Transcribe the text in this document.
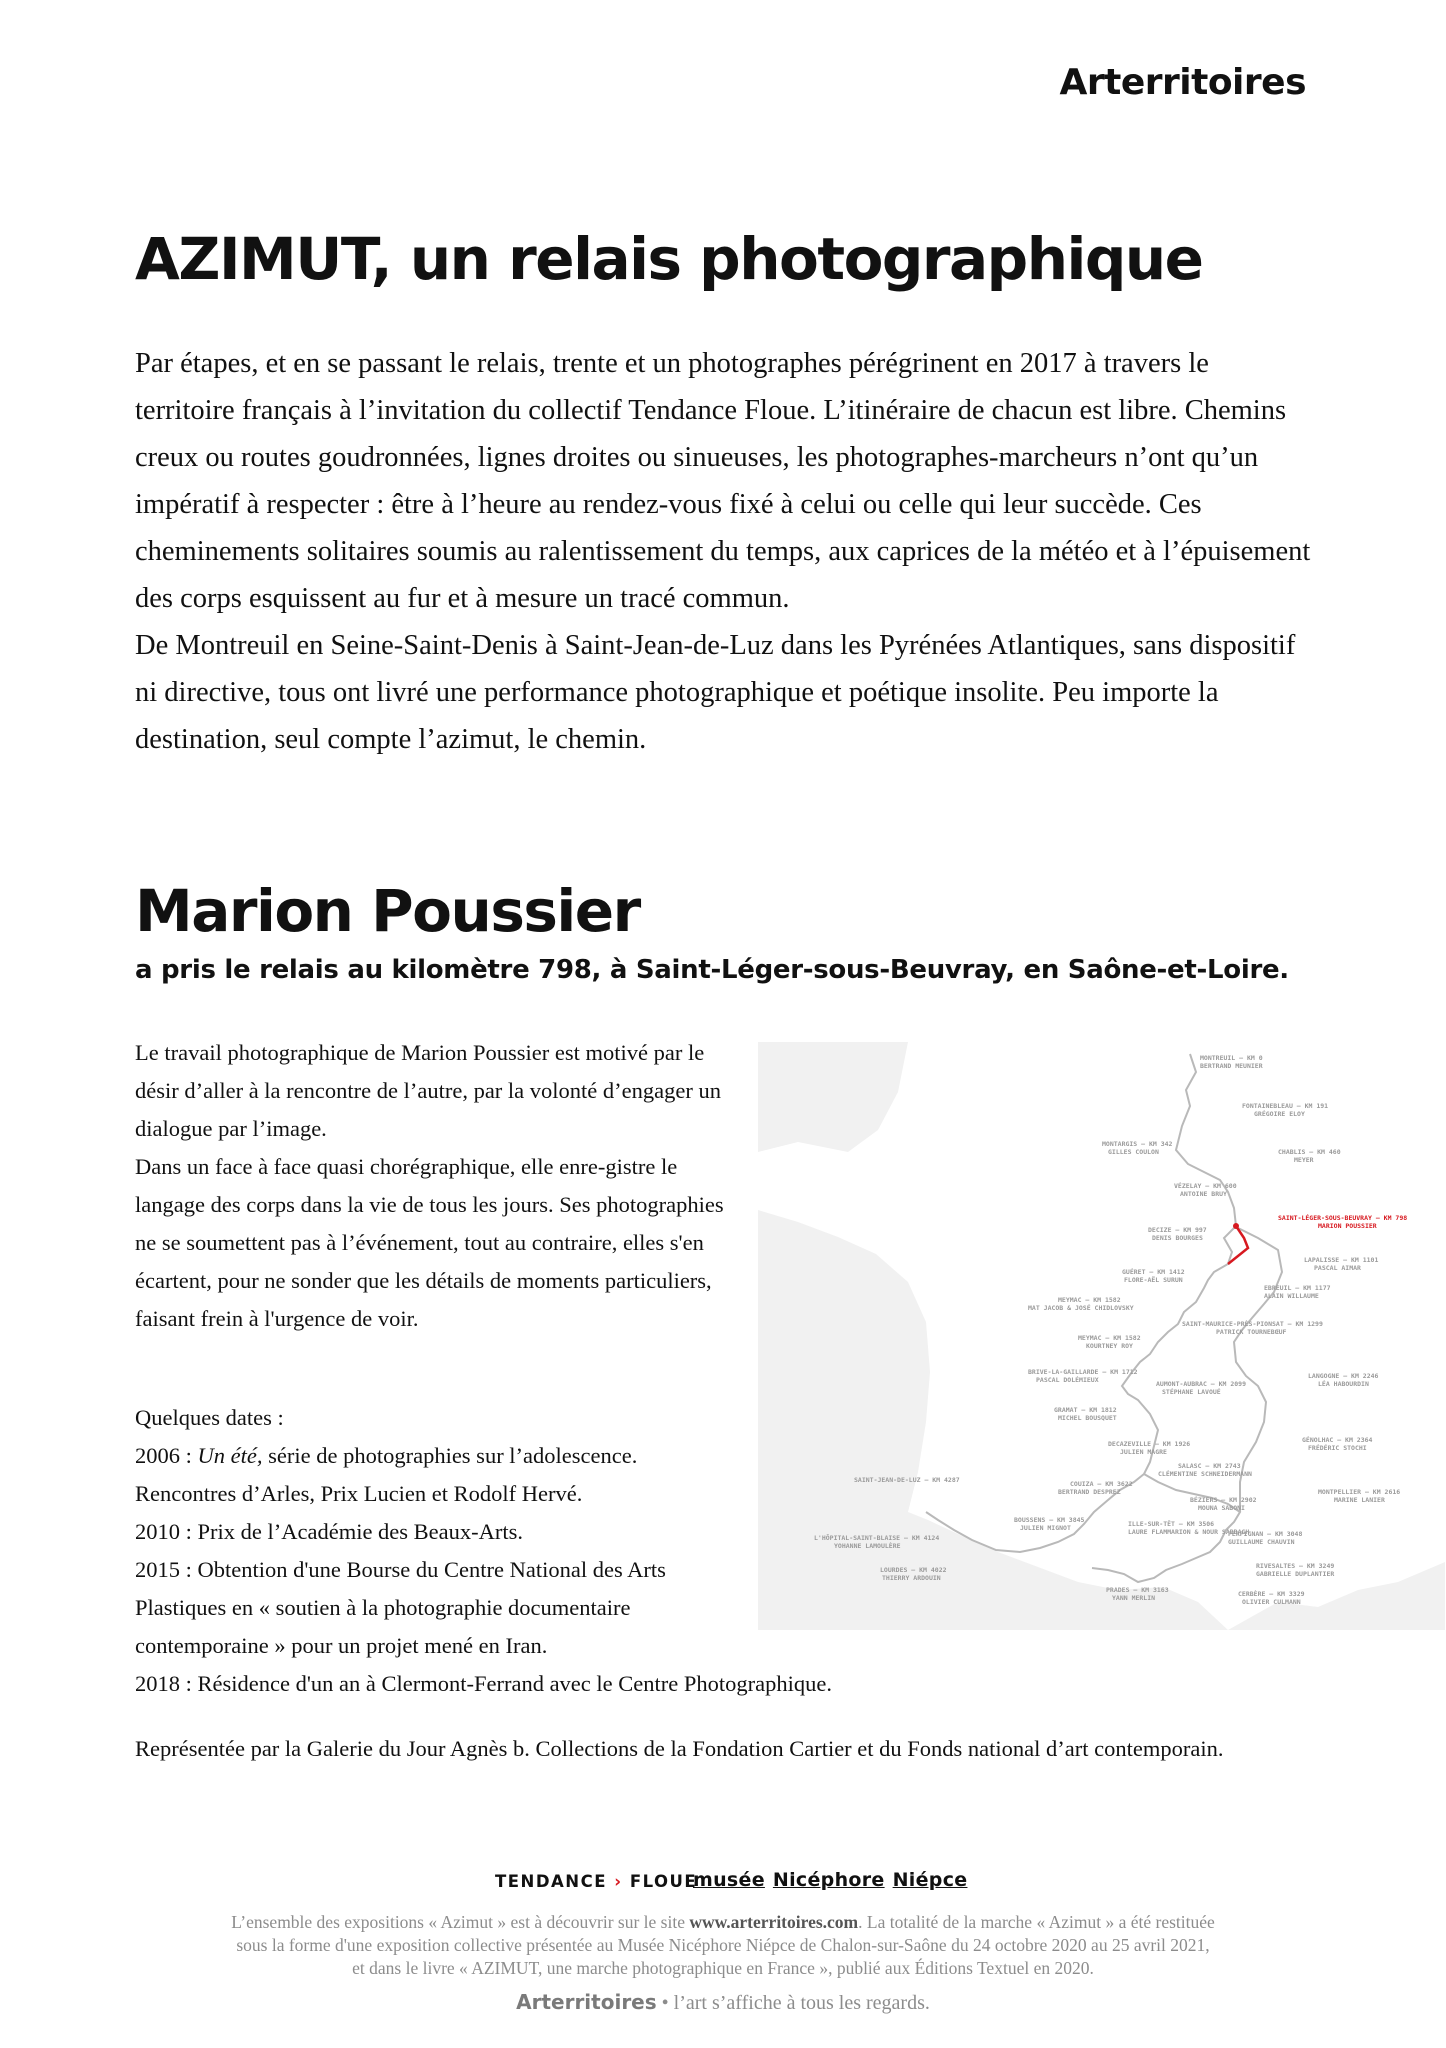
Arterritoires
AZIMUT, un relais photographique

Par étapes, et en se passant le relais, trente et un photographes pérégrinent en 2017 à travers le territoire français à l’invitation du collectif Tendance Floue. L’itinéraire de chacun est libre. Chemins creux ou routes goudronnées, lignes droites ou sinueuses, les photographes-marcheurs n’ont qu’un impératif à respecter : être à l’heure au rendez-vous fixé à celui ou celle qui leur succède. Ces cheminements solitaires soumis au ralentissement du temps, aux caprices de la météo et à l’épuisement des corps esquissent au fur et à mesure un tracé commun.

De Montreuil en Seine-Saint-Denis à Saint-Jean-de-Luz dans les Pyrénées Atlantiques, sans dispositif ni directive, tous ont livré une performance photographique et poétique insolite. Peu importe la destination, seul compte l’azimut, le chemin.

Marion Poussier
a pris le relais au kilomètre 798, à Saint-Léger-sous-Beuvray, en Saône-et-Loire.

Le travail photographique de Marion Poussier est motivé par le désir d’aller à la rencontre de l’autre, par la volonté d’engager un dialogue par l’image.

Dans un face à face quasi chorégraphique, elle enre-gistre le langage des corps dans la vie de tous les jours. Ses photographies ne se soumettent pas à l’événement, tout au contraire, elles s'en écartent, pour ne sonder que les détails de moments particuliers, faisant frein à l'urgence de voir.

Quelques dates :
2006 : Un été, série de photographies sur l’adolescence.
Rencontres d’Arles, Prix Lucien et Rodolf Hervé.
2010 : Prix de l’Académie des Beaux-Arts.
2015 : Obtention d'une Bourse du Centre National des Arts
Plastiques en « soutien à la photographie documentaire
contemporaine » pour un projet mené en Iran.
2018 : Résidence d'un an à Clermont-Ferrand avec le Centre Photographique.
Représentée par la Galerie du Jour Agnès b. Collections de la Fondation Cartier et du Fonds national d’art contemporain.
MONTREUIL — KM 0
BERTRAND MEUNIER
FONTAINEBLEAU — KM 191
GRÉGOIRE ELOY
MONTARGIS — KM 342
GILLES COULON	CHABLIS — KM 460
MEYER
VÉZELAY — KM 600
ANTOINE BRUY
SAINT-LÉGER-SOUS-BEUVRAY — KM 798
MARION POUSSIER
DECIZE — KM 997
DENIS BOURGES
LAPALISSE — KM 1101
PASCAL AIMAR
GUÉRET — KM 1412
FLORE-AËL SURUN
EBREUIL — KM 1177
ALAIN WILLAUME
MEYMAC — KM 1582
MAT JACOB & JOSÉ CHIDLOVSKY
SAINT-MAURICE-PRÈS-PIONSAT — KM 1299
PATRICK TOURNEBŒUF
MEYMAC — KM 1582
KOURTNEY ROY
BRIVE-LA-GAILLARDE — KM 1712
PASCAL DOLÉMIEUX	AUMONT-AUBRAC — KM 2099
STÉPHANE LAVOUÉ
LANGOGNE — KM 2246
LÉA HABOURDIN
GRAMAT — KM 1812
MICHEL BOUSQUET
DECAZEVILLE — KM 1926
JULIEN MAGRE
GÉNOLHAC — KM 2364
FRÉDÉRIC STOCHI
SALASC — KM 2743
CLÉMENTINE SCHNEIDERMANN
SAINT-JEAN-DE-LUZ — KM 4287	COUIZA — KM 3622
BERTRAND DESPREZ
BÉZIERS — KM 2902
MOUNA SABONI
MONTPELLIER — KM 2616
MARINE LANIER
L'HÔPITAL-SAINT-BLAISE — KM 4124
YOHANNE LAMOULÈRE
BOUSSENS — KM 3845
JULIEN MIGNOT	ILLE-SUR-TÊT — KM 3506
LAURE FLAMMARION & NOUR SABBAGH
PERPIGNAN — KM 3048
GUILLAUME CHAUVIN
RIVESALTES — KM 3249
GABRIELLE DUPLANTIER
LOURDES — KM 4022
THIERRY ARDOUIN
PRADES — KM 3163
YANN MERLIN	CERBÈRE — KM 3329
OLIVIER CULMANN
TENDANCE › FLOUE
musée Nicéphore Niépce
L’ensemble des expositions « Azimut » est à découvrir sur le site www.arterritoires.com. La totalité de la marche « Azimut » a été restituée
sous la forme d'une exposition collective présentée au Musée Nicéphore Niépce de Chalon-sur-Saône du 24 octobre 2020 au 25 avril 2021,
et dans le livre « AZIMUT, une marche photographique en France », publié aux Éditions Textuel en 2020.
Arterritoires • l’art s’affiche à tous les regards.
